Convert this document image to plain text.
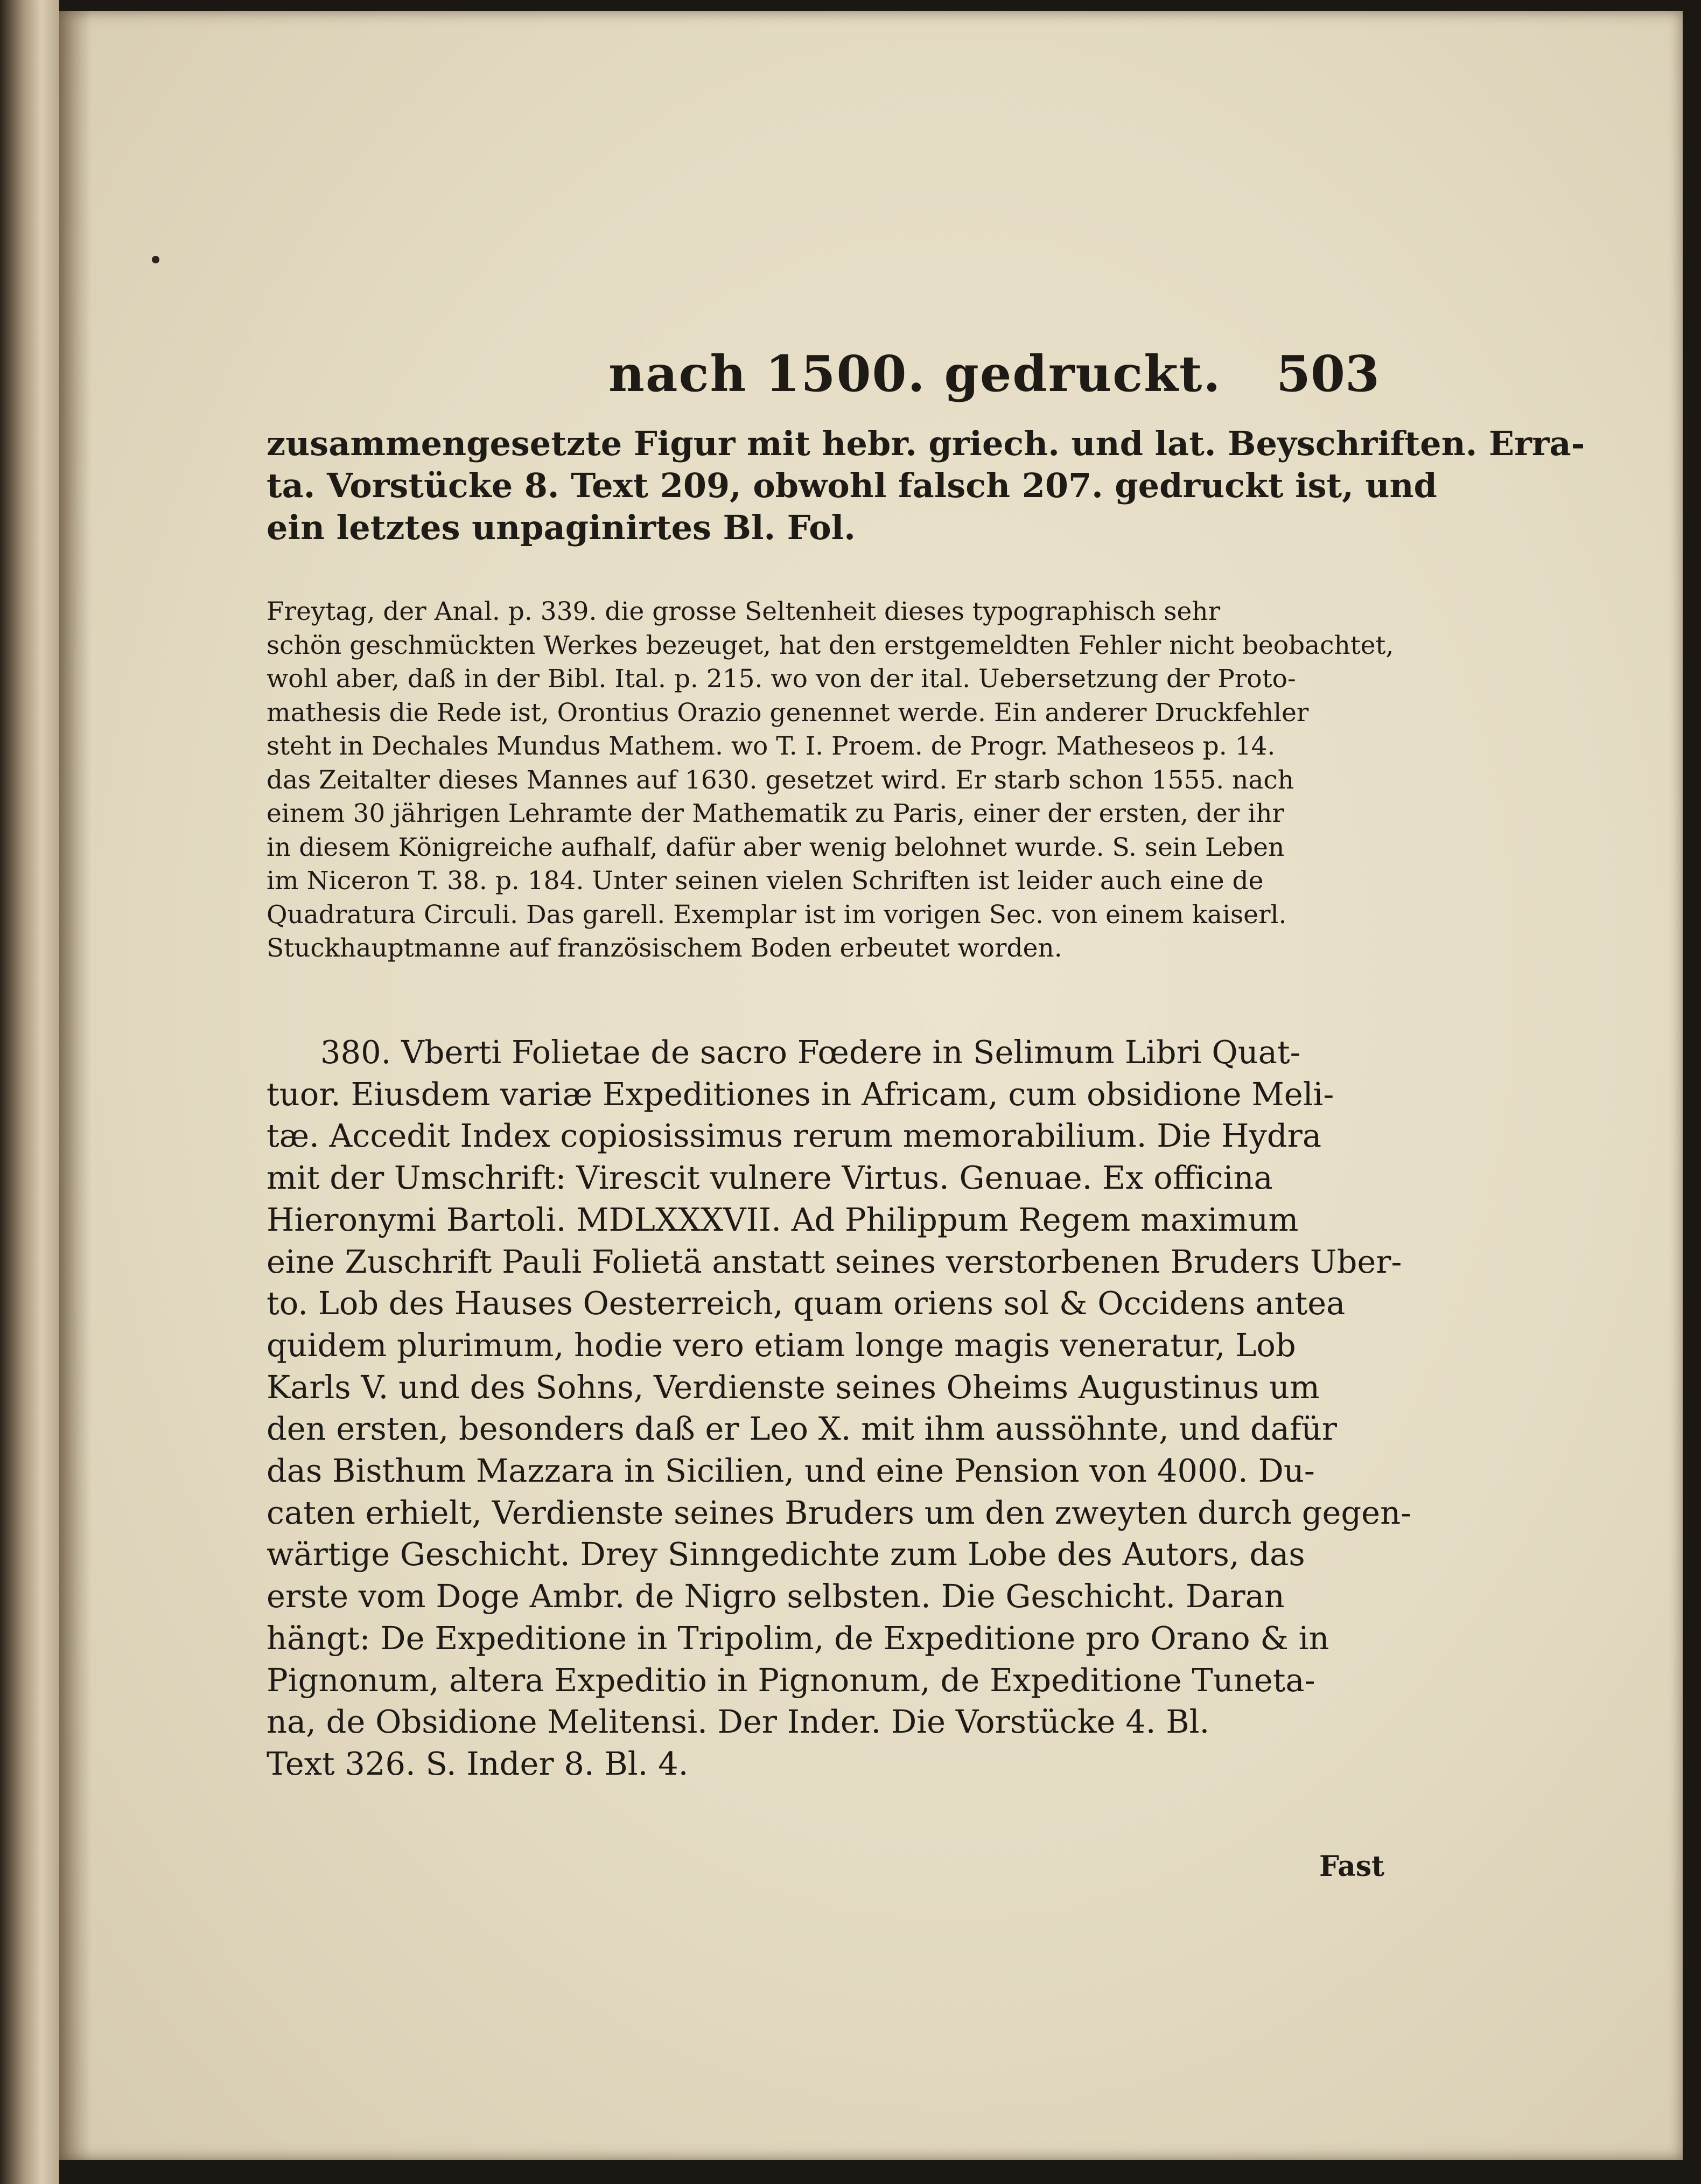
nach 1500. gedruckt. 503
zusammengesetzte Figur mit hebr. griech. und lat. Beyschriften. Erra-
ta. Vorstücke 8. Text 209, obwohl falsch 207. gedruckt ist, und
ein letztes unpaginirtes Bl. Fol.
Freytag, der Anal. p. 339. die grosse Seltenheit dieses typographisch sehr
schön geschmückten Werkes bezeuget, hat den erstgemeldten Fehler nicht beobachtet,
wohl aber, daß in der Bibl. Ital. p. 215. wo von der ital. Uebersetzung der Proto-
mathesis die Rede ist, Orontius Orazio genennet werde. Ein anderer Druckfehler
steht in Dechales Mundus Mathem. wo T. I. Proem. de Progr. Matheseos p. 14.
das Zeitalter dieses Mannes auf 1630. gesetzet wird. Er starb schon 1555. nach
einem 30 jährigen Lehramte der Mathematik zu Paris, einer der ersten, der ihr
in diesem Königreiche aufhalf, dafür aber wenig belohnet wurde. S. sein Leben
im Niceron T. 38. p. 184. Unter seinen vielen Schriften ist leider auch eine de
Quadratura Circuli. Das garell. Exemplar ist im vorigen Sec. von einem kaiserl.
Stuckhauptmanne auf französischem Boden erbeutet worden.
380. Vberti Folietae de sacro Fœdere in Selimum Libri Quat-
tuor. Eiusdem variæ Expeditiones in Africam, cum obsidione Meli-
tæ. Accedit Index copiosissimus rerum memorabilium. Die Hydra
mit der Umschrift: Virescit vulnere Virtus. Genuae. Ex officina
Hieronymi Bartoli. MDLXXXVII. Ad Philippum Regem maximum
eine Zuschrift Pauli Folietä anstatt seines verstorbenen Bruders Uber-
to. Lob des Hauses Oesterreich, quam oriens sol & Occidens antea
quidem plurimum, hodie vero etiam longe magis veneratur, Lob
Karls V. und des Sohns, Verdienste seines Oheims Augustinus um
den ersten, besonders daß er Leo X. mit ihm aussöhnte, und dafür
das Bisthum Mazzara in Sicilien, und eine Pension von 4000. Du-
caten erhielt, Verdienste seines Bruders um den zweyten durch gegen-
wärtige Geschicht. Drey Sinngedichte zum Lobe des Autors, das
erste vom Doge Ambr. de Nigro selbsten. Die Geschicht. Daran
hängt: De Expeditione in Tripolim, de Expeditione pro Orano & in
Pignonum, altera Expeditio in Pignonum, de Expeditione Tuneta-
na, de Obsidione Melitensi. Der Inder. Die Vorstücke 4. Bl.
Text 326. S. Inder 8. Bl. 4.
Fast
